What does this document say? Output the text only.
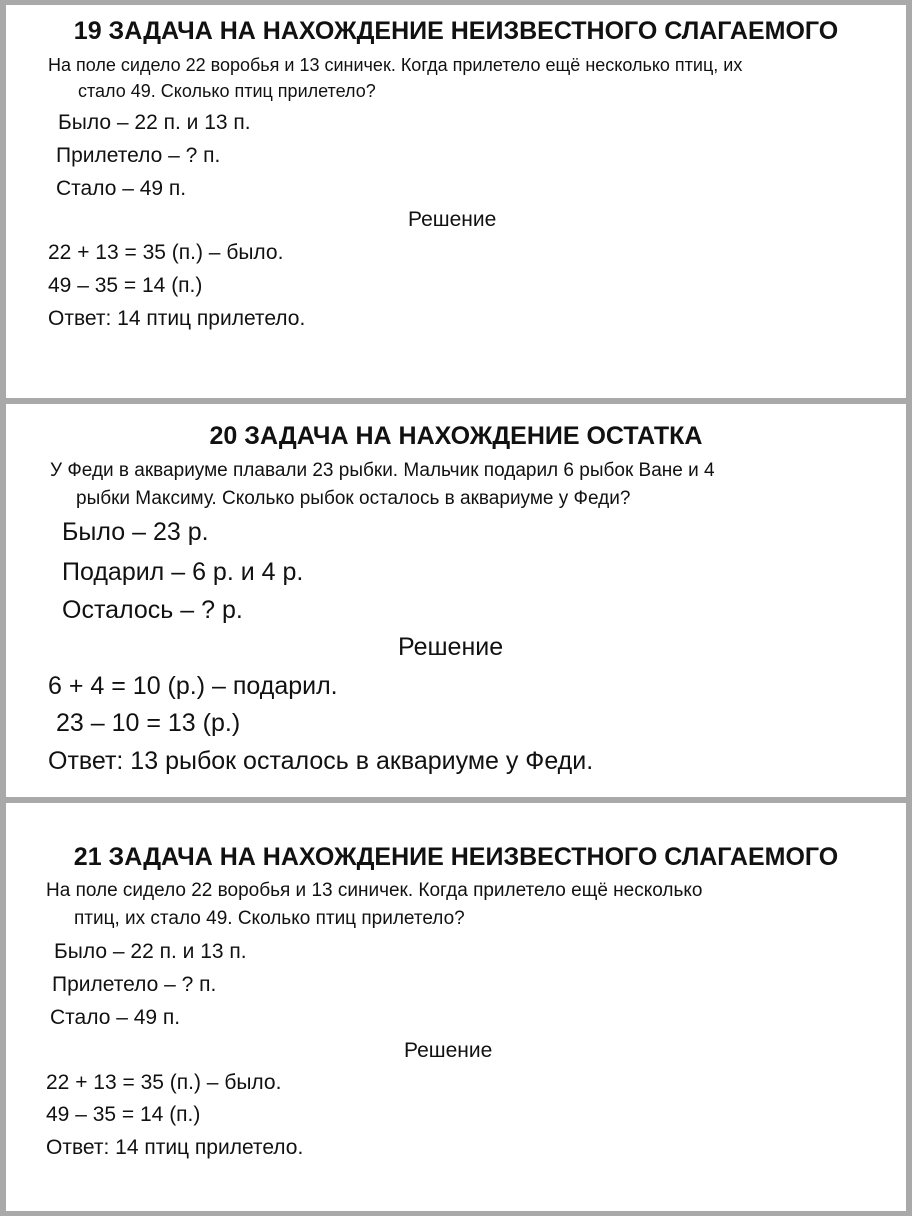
19 ЗАДАЧА НА НАХОЖДЕНИЕ НЕИЗВЕСТНОГО СЛАГАЕМОГО
На поле сидело 22 воробья и 13 синичек. Когда прилетело ещё несколько птиц, их
стало 49. Сколько птиц прилетело?
Было – 22 п. и 13 п.
Прилетело – ? п.
Стало – 49 п.
Решение
22 + 13 = 35 (п.) – было.
49 – 35 = 14 (п.)
Ответ: 14 птиц прилетело.
20 ЗАДАЧА НА НАХОЖДЕНИЕ ОСТАТКА
У Феди в аквариуме плавали 23 рыбки. Мальчик подарил 6 рыбок Ване и 4
рыбки Максиму. Сколько рыбок осталось в аквариуме у Феди?
Было – 23 р.
Подарил – 6 р. и 4 р.
Осталось – ? р.
Решение
6 + 4 = 10 (р.) – подарил.
23 – 10 = 13 (р.)
Ответ: 13 рыбок осталось в аквариуме у Феди.
21 ЗАДАЧА НА НАХОЖДЕНИЕ НЕИЗВЕСТНОГО СЛАГАЕМОГО
На поле сидело 22 воробья и 13 синичек. Когда прилетело ещё несколько
птиц, их стало 49. Сколько птиц прилетело?
Было – 22 п. и 13 п.
Прилетело – ? п.
Стало – 49 п.
Решение
22 + 13 = 35 (п.) – было.
49 – 35 = 14 (п.)
Ответ: 14 птиц прилетело.
